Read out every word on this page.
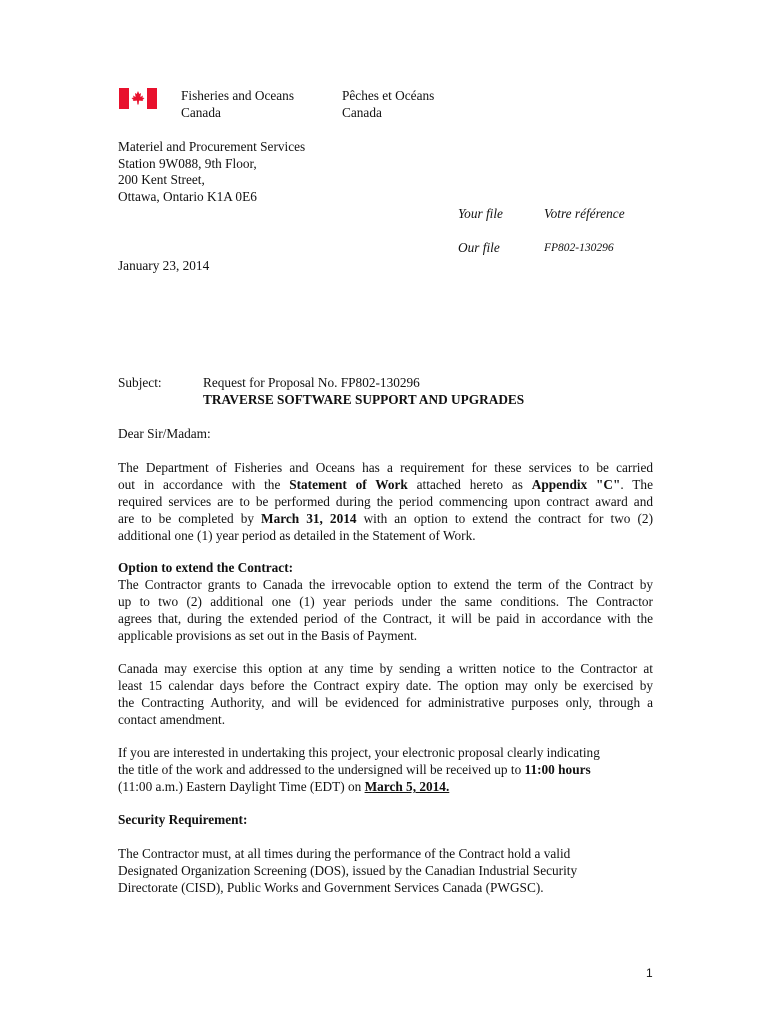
Fisheries and Oceans
Canada
Pêches et Océans
Canada
Materiel and Procurement Services
Station 9W088, 9th Floor,
200 Kent Street,
Ottawa, Ontario K1A 0E6
Your file	Votre référence
Our file	FP802-130296
January 23, 2014
Subject:	Request for Proposal No. FP802-130296
TRAVERSE SOFTWARE SUPPORT AND UPGRADES
Dear Sir/Madam:
The Department of Fisheries and Oceans has a requirement for these services to be carried
out in accordance with the Statement of Work attached hereto as Appendix "C". The
required services are to be performed during the period commencing upon contract award and
are to be completed by March 31, 2014 with an option to extend the contract for two (2)
additional one (1) year period as detailed in the Statement of Work.
Option to extend the Contract:
The Contractor grants to Canada the irrevocable option to extend the term of the Contract by
up to two (2) additional one (1) year periods under the same conditions. The Contractor
agrees that, during the extended period of the Contract, it will be paid in accordance with the
applicable provisions as set out in the Basis of Payment.
Canada may exercise this option at any time by sending a written notice to the Contractor at
least 15 calendar days before the Contract expiry date. The option may only be exercised by
the Contracting Authority, and will be evidenced for administrative purposes only, through a
contact amendment.
If you are interested in undertaking this project, your electronic proposal clearly indicating
the title of the work and addressed to the undersigned will be received up to 11:00 hours
(11:00 a.m.) Eastern Daylight Time (EDT) on March 5, 2014.
Security Requirement:
The Contractor must, at all times during the performance of the Contract hold a valid
Designated Organization Screening (DOS), issued by the Canadian Industrial Security
Directorate (CISD), Public Works and Government Services Canada (PWGSC).
1
